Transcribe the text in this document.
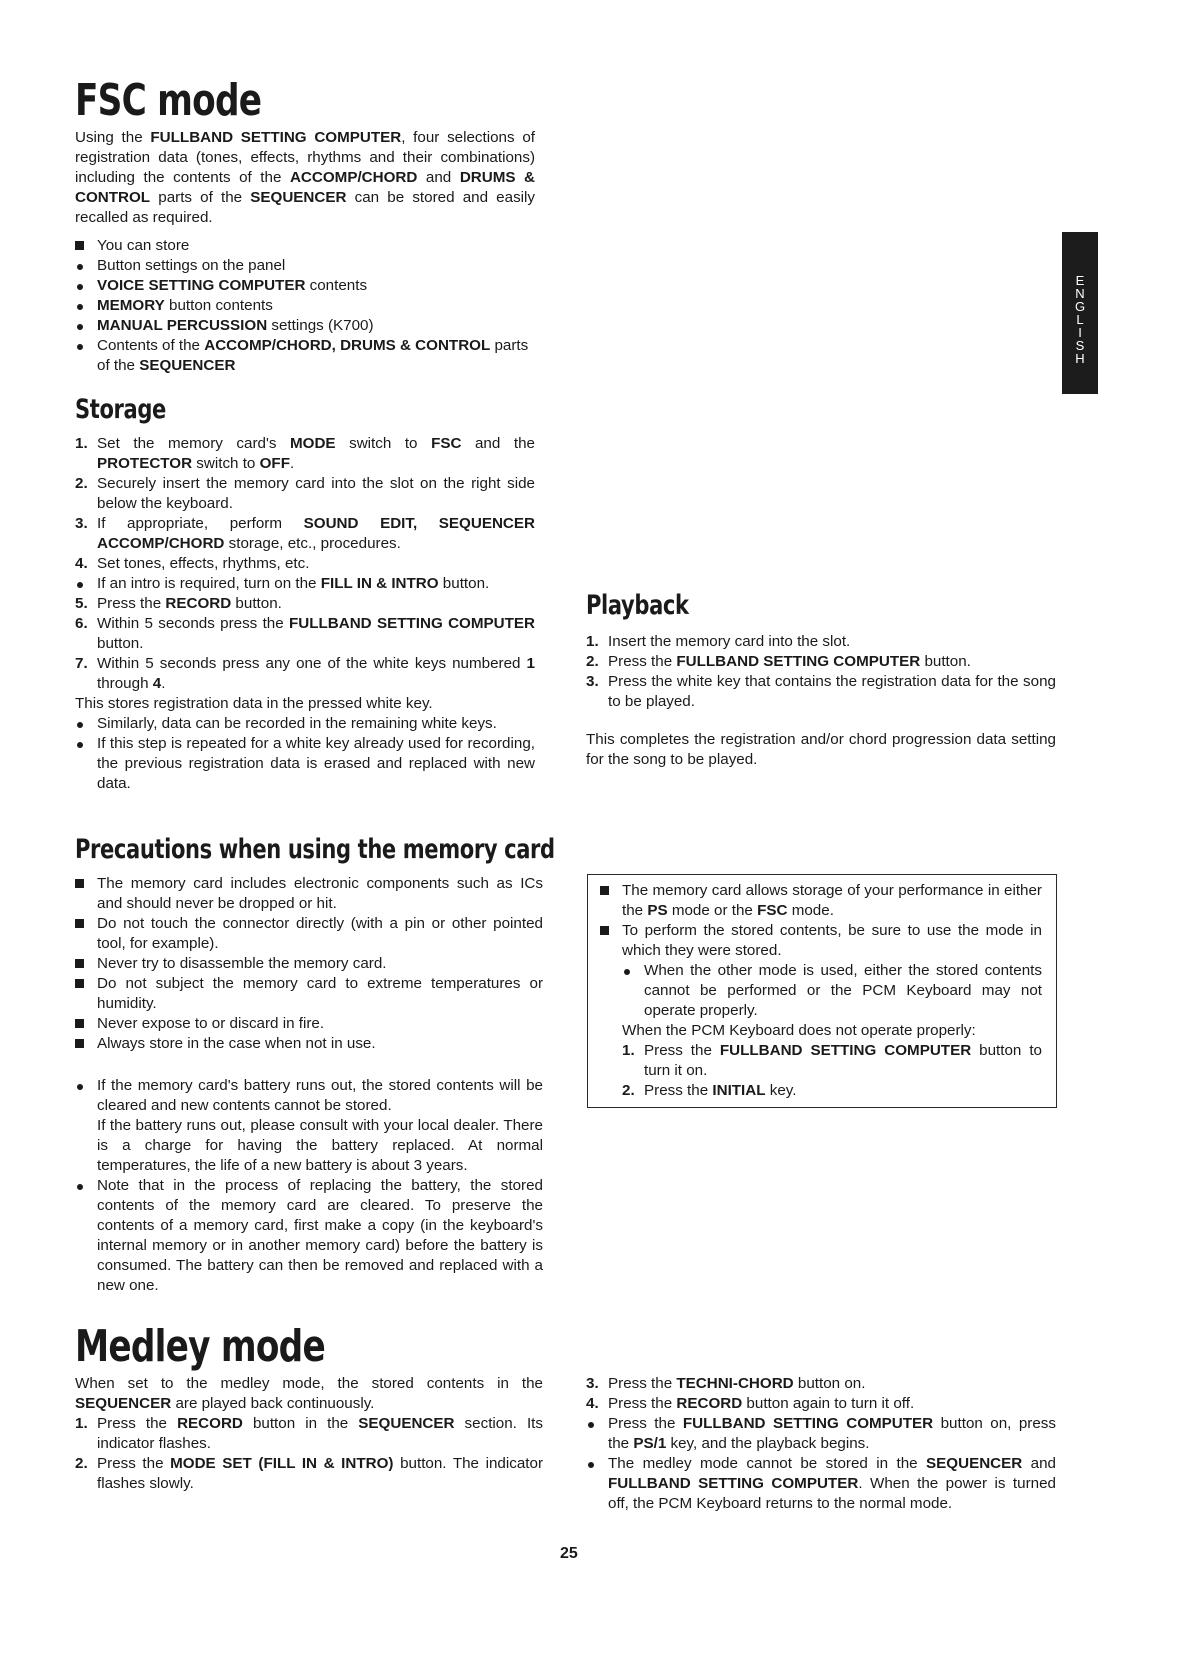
FSC mode

Using the FULLBAND SETTING COMPUTER, four selections of registration data (tones, effects, rhythms and their combinations) including the contents of the ACCOMP/CHORD and DRUMS & CONTROL parts of the SEQUENCER can be stored and easily recalled as required.

You can store
Button settings on the panel
VOICE SETTING COMPUTER contents
MEMORY button contents
MANUAL PERCUSSION settings (K700)
Contents of the ACCOMP/CHORD, DRUMS & CONTROL parts of the SEQUENCER
Storage
1. Set the memory card's MODE switch to FSC and the PROTECTOR switch to OFF.
2. Securely insert the memory card into the slot on the right side below the keyboard.
3. If appropriate, perform SOUND EDIT, SEQUENCER ACCOMP/CHORD storage, etc., procedures.
4. Set tones, effects, rhythms, etc.
If an intro is required, turn on the FILL IN & INTRO button.
5. Press the RECORD button.
6. Within 5 seconds press the FULLBAND SETTING COMPUTER button.
7. Within 5 seconds press any one of the white keys numbered 1 through 4.

This stores registration data in the pressed white key.

Similarly, data can be recorded in the remaining white keys.
If this step is repeated for a white key already used for recording, the previous registration data is erased and replaced with new data.
Playback
1. Insert the memory card into the slot.
2. Press the FULLBAND SETTING COMPUTER button.
3. Press the white key that contains the registration data for the song to be played.

This completes the registration and/or chord progression data setting for the song to be played.

Precautions when using the memory card
The memory card includes electronic components such as ICs and should never be dropped or hit.
Do not touch the connector directly (with a pin or other pointed tool, for example).
Never try to disassemble the memory card.
Do not subject the memory card to extreme temperatures or humidity.
Never expose to or discard in fire.
Always store in the case when not in use.
If the memory card's battery runs out, the stored contents will be cleared and new contents cannot be stored.
If the battery runs out, please consult with your local dealer. There is a charge for having the battery replaced. At normal temperatures, the life of a new battery is about 3 years.
Note that in the process of replacing the battery, the stored contents of the memory card are cleared. To preserve the contents of a memory card, first make a copy (in the keyboard's internal memory or in another memory card) before the battery is consumed. The battery can then be removed and replaced with a new one.
The memory card allows storage of your performance in either the PS mode or the FSC mode.
To perform the stored contents, be sure to use the mode in which they were stored.
When the other mode is used, either the stored contents cannot be performed or the PCM Keyboard may not operate properly.

When the PCM Keyboard does not operate properly:

1. Press the FULLBAND SETTING COMPUTER button to turn it on.
2. Press the INITIAL key.
Medley mode

When set to the medley mode, the stored contents in the SEQUENCER are played back continuously.

1. Press the RECORD button in the SEQUENCER section. Its indicator flashes.
2. Press the MODE SET (FILL IN & INTRO) button. The indicator flashes slowly.
3. Press the TECHNI-CHORD button on.
4. Press the RECORD button again to turn it off.
Press the FULLBAND SETTING COMPUTER button on, press the PS/1 key, and the playback begins.
The medley mode cannot be stored in the SEQUENCER and FULLBAND SETTING COMPUTER. When the power is turned off, the PCM Keyboard returns to the normal mode.
E
N
G
L
I
S
H
25
